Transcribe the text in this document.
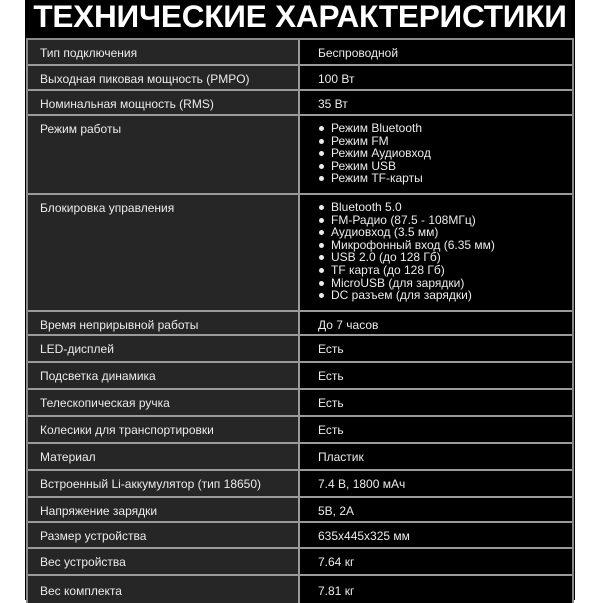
ТЕХНИЧЕСКИЕ ХАРАКТЕРИСТИКИ
Тип подключения	Беспроводной
Выходная пиковая мощность (PMPO)	100 Вт
Номинальная мощность (RMS)	35 Вт
Режим работы	Режим Bluetooth
Режим FM
Режим Аудиовход
Режим USB
Режим TF-карты
Блокировка управления	Bluetooth 5.0
FM-Радио (87.5 - 108МГц)
Аудиовход (3.5 мм)
Микрофонный вход (6.35 мм)
USB 2.0 (до 128 Гб)
TF карта (до 128 Гб)
MicroUSB (для зарядки)
DC разъем (для зарядки)
Время неприрывной работы	До 7 часов
LED-дисплей	Есть
Подсветка динамика	Есть
Телескопическая ручка	Есть
Колесики для транспортировки	Есть
Материал	Пластик
Встроенный Li-аккумулятор (тип 18650)	7.4 В, 1800 мАч
Напряжение зарядки	5В, 2А
Размер устройства	635x445x325 мм
Вес устройства	7.64 кг
Вес комплекта	7.81 кг
